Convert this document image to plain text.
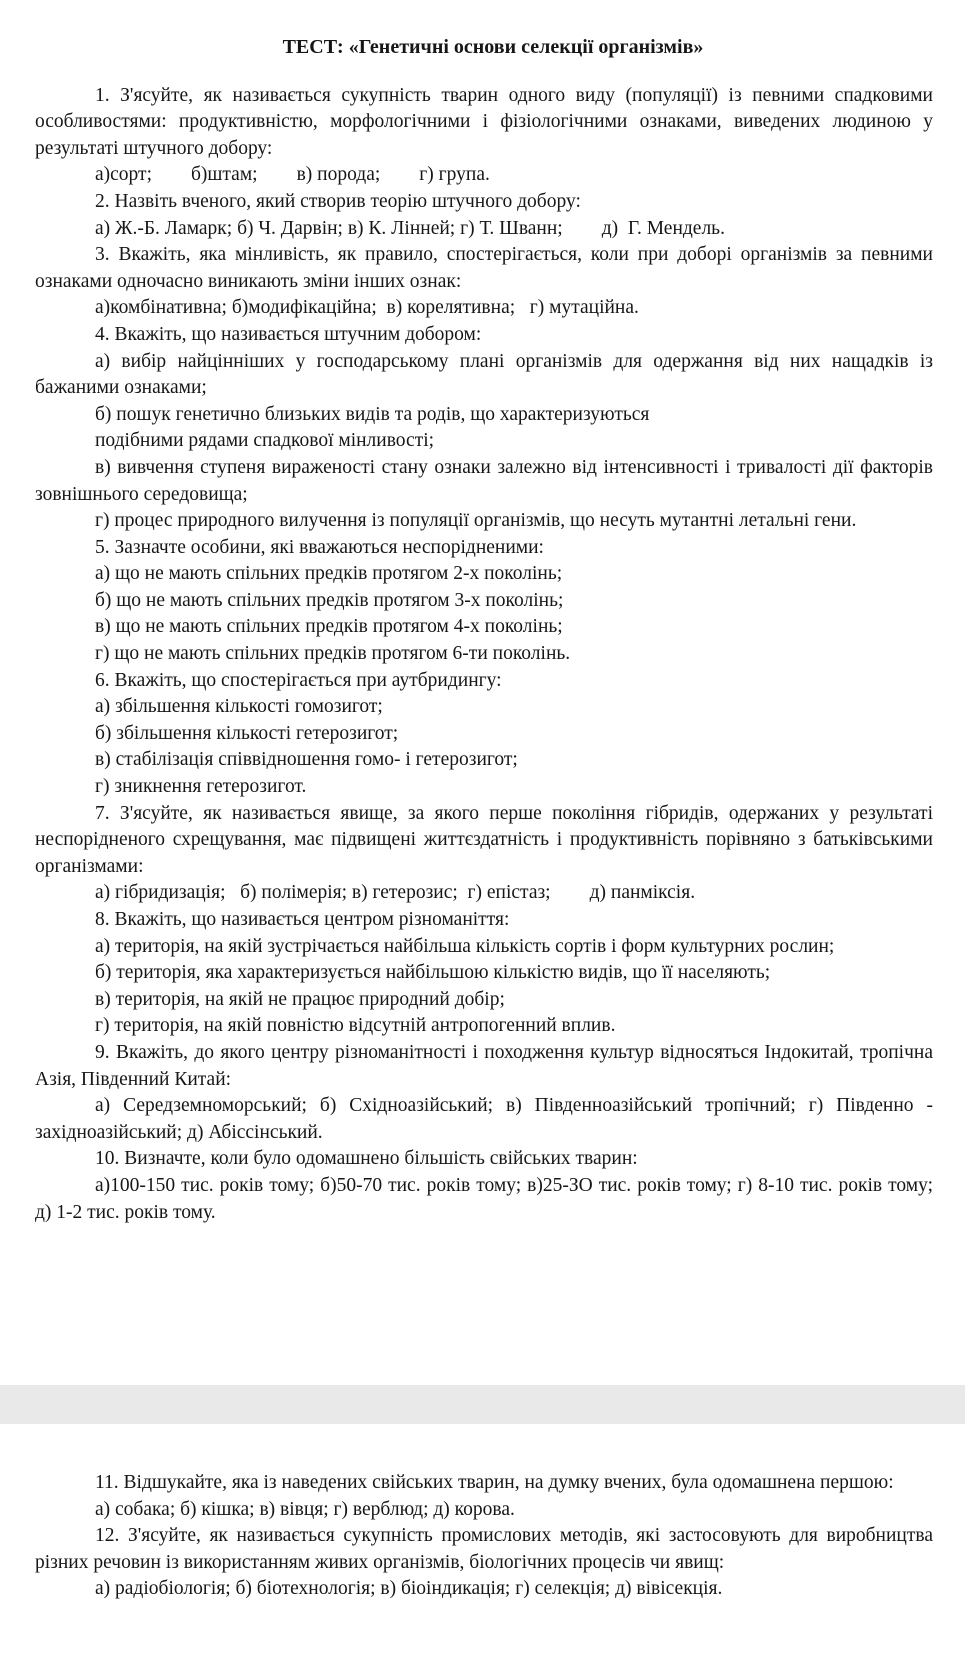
ТЕСТ: «Генетичні основи селекції організмів»

1. З'ясуйте, як називається сукупність тварин одного виду (популяції) із певними спадковими особливостями: продуктивністю, морфологічними і фізіологічними ознаками, виведених людиною у результаті штучного добору:

а)сорт;        б)штам;        в) порода;        г) група.

2. Назвіть вченого, який створив теорію штучного добору:

а) Ж.-Б. Ламарк; б) Ч. Дарвін; в) К. Лінней; г) Т. Шванн;        д)  Г. Мендель.

3. Вкажіть, яка мінливість, як правило, спостерігається, коли при доборі організмів за певними ознаками одночасно виникають зміни інших ознак:

а)комбінативна; б)модифікаційна;  в) корелятивна;   г) мутаційна.

4. Вкажіть, що називається штучним добором:

а) вибір найцінніших у господарському плані організмів для одержання від них нащадків із бажаними ознаками;

б) пошук генетично близьких видів та родів, що характеризуються

подібними рядами спадкової мінливості;

в) вивчення ступеня вираженості стану ознаки залежно від інтенсивності і тривалості дії факторів зовнішнього середовища;

г) процес природного вилучення із популяції організмів, що несуть мутантні летальні гени.

5. Зазначте особини, які вважаються неспорідненими:

а) що не мають спільних предків протягом 2-х поколінь;

б) що не мають спільних предків протягом 3-х поколінь;

в) що не мають спільних предків протягом 4-х поколінь;

г) що не мають спільних предків протягом 6-ти поколінь.

6. Вкажіть, що спостерігається при аутбридингу:

а) збільшення кількості гомозигот;

б) збільшення кількості гетерозигот;

в) стабілізація співвідношення гомо- і гетерозигот;

г) зникнення гетерозигот.

7. З'ясуйте, як називається явище, за якого перше покоління гібридів, одержаних у результаті неспорідненого схрещування, має підвищені життєздатність і продуктивність порівняно з батьківськими організмами:

а) гібридизація;   б) полімерія; в) гетерозис;  г) епістаз;        д) панміксія.

8. Вкажіть, що називається центром різноманіття:

а) територія, на якій зустрічається найбільша кількість сортів і форм культурних рослин;

б) територія, яка характеризується найбільшою кількістю видів, що її населяють;

в) територія, на якій не працює природний добір;

г) територія, на якій повністю відсутній антропогенний вплив.

9. Вкажіть, до якого центру різноманітності і походження культур відносяться Індокитай, тропічна Азія, Південний Китай:

а) Середземноморський; б) Східноазійський; в) Південноазійський тропічний; г) Південно - західноазійський; д) Абіссінський.

10. Визначте, коли було одомашнено більшість свійських тварин:

а)100-150 тис. років тому; б)50-70 тис. років тому; в)25-ЗО тис. років тому; г) 8-10 тис. років тому; д) 1-2 тис. років тому.

11. Відшукайте, яка із наведених свійських тварин, на думку вчених, була одомашнена першою:

а) собака; б) кішка; в) вівця; г) верблюд; д) корова.

12. З'ясуйте, як називається сукупність промислових методів, які застосовують для виробництва різних речовин із використанням живих організмів, біологічних процесів чи явищ:

а) радіобіологія; б) біотехнологія; в) біоіндикація; г) селекція; д) вівісекція.
